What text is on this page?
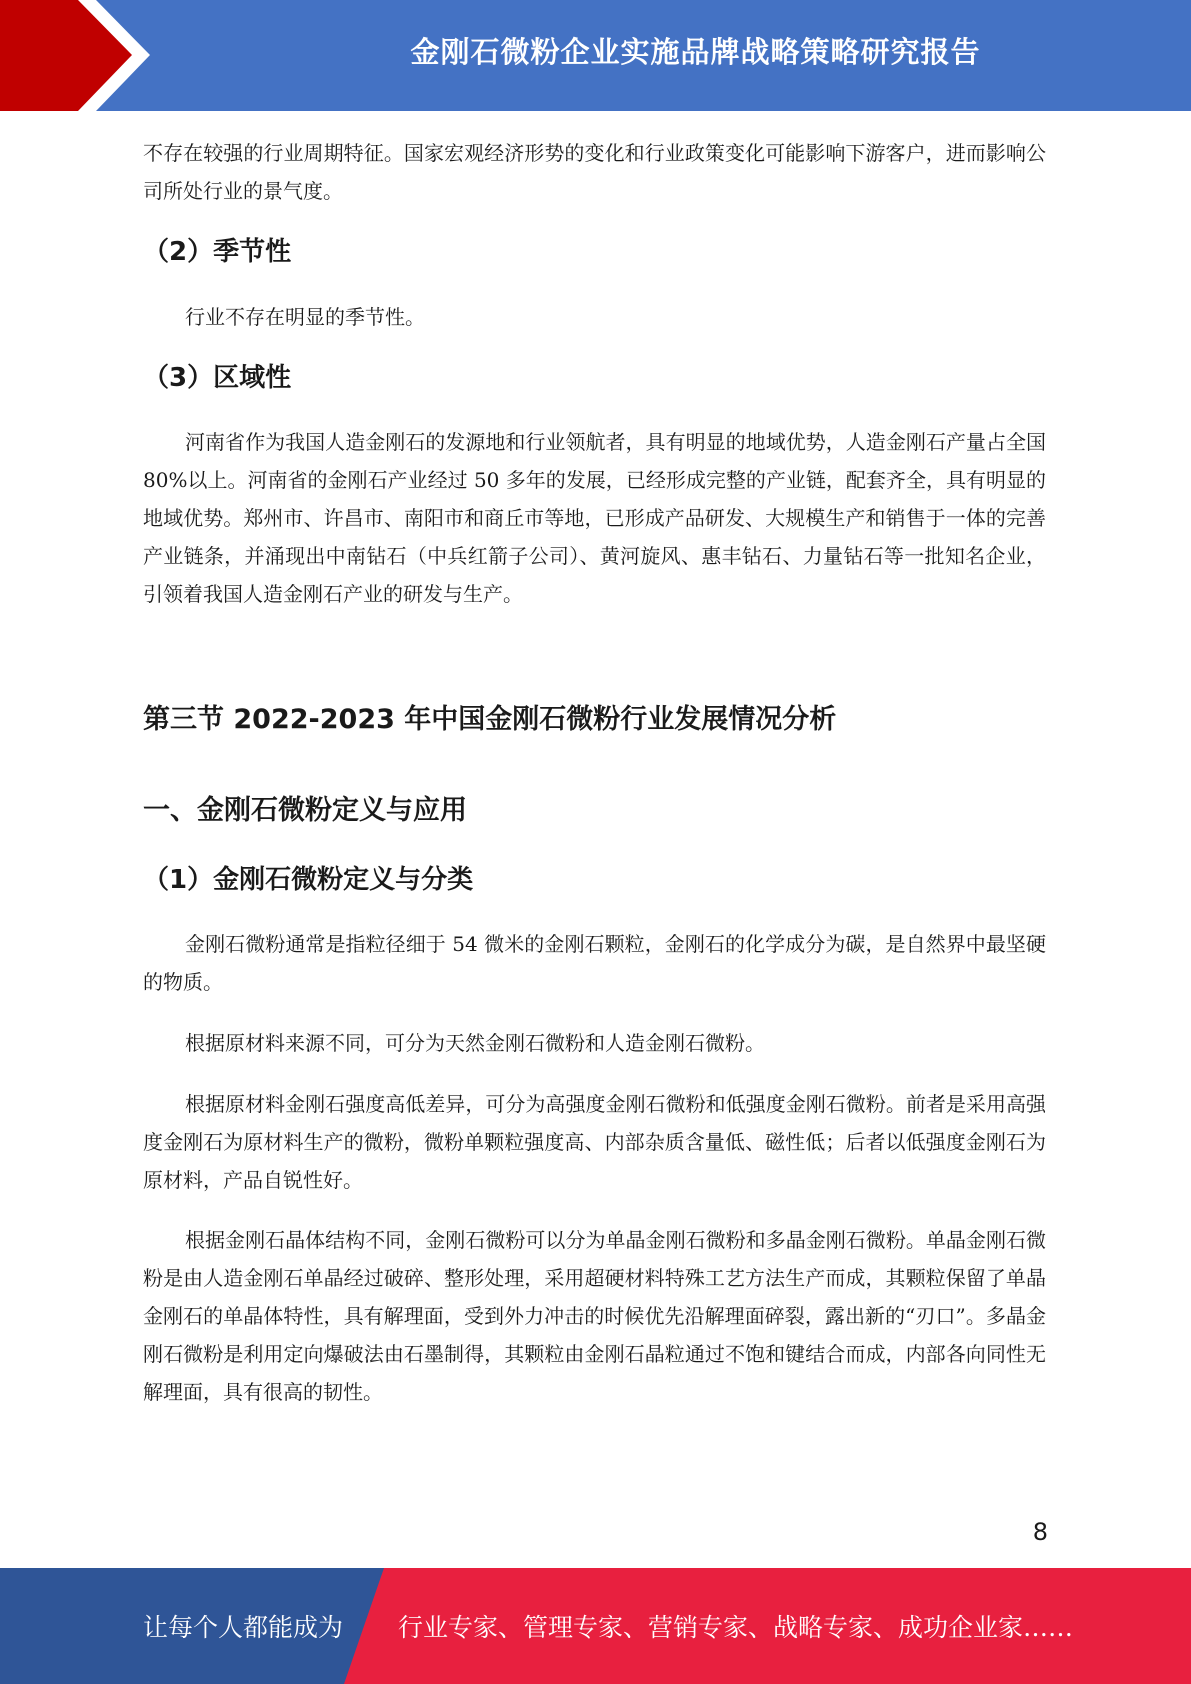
金刚石微粉企业实施品牌战略策略研究报告

不存在较强的行业周期特征。国家宏观经济形势的变化和行业政策变化可能影响下游客户，进而影响公司所处行业的景气度。

（2）季节性

行业不存在明显的季节性。

（3）区域性

河南省作为我国人造金刚石的发源地和行业领航者，具有明显的地域优势，人造金刚石产量占全国 80%以上。河南省的金刚石产业经过 50 多年的发展，已经形成完整的产业链，配套齐全，具有明显的地域优势。郑州市、许昌市、南阳市和商丘市等地，已形成产品研发、大规模生产和销售于一体的完善产业链条，并涌现出中南钻石（中兵红箭子公司）、黄河旋风、惠丰钻石、力量钻石等一批知名企业，引领着我国人造金刚石产业的研发与生产。

第三节 2022-2023 年中国金刚石微粉行业发展情况分析
一、金刚石微粉定义与应用
（1）金刚石微粉定义与分类

金刚石微粉通常是指粒径细于 54 微米的金刚石颗粒，金刚石的化学成分为碳，是自然界中最坚硬的物质。

根据原材料来源不同，可分为天然金刚石微粉和人造金刚石微粉。

根据原材料金刚石强度高低差异，可分为高强度金刚石微粉和低强度金刚石微粉。前者是采用高强度金刚石为原材料生产的微粉，微粉单颗粒强度高、内部杂质含量低、磁性低；后者以低强度金刚石为原材料，产品自锐性好。

根据金刚石晶体结构不同，金刚石微粉可以分为单晶金刚石微粉和多晶金刚石微粉。单晶金刚石微粉是由人造金刚石单晶经过破碎、整形处理，采用超硬材料特殊工艺方法生产而成，其颗粒保留了单晶金刚石的单晶体特性，具有解理面，受到外力冲击的时候优先沿解理面碎裂，露出新的“刃口”。多晶金刚石微粉是利用定向爆破法由石墨制得，其颗粒由金刚石晶粒通过不饱和键结合而成，内部各向同性无解理面，具有很高的韧性。

8
让每个人都能成为 行业专家、管理专家、营销专家、战略专家、成功企业家……
